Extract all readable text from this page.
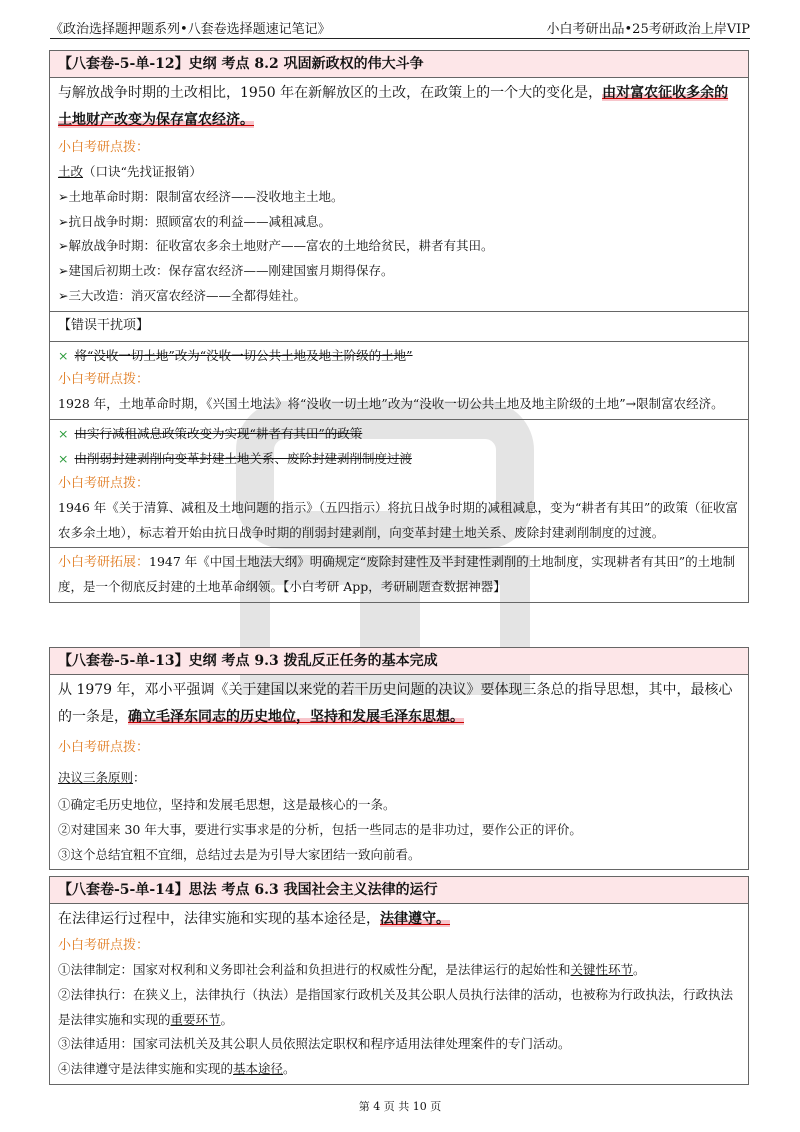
《政治选择题押题系列•八套卷选择题速记笔记》	小白考研出品•25考研政治上岸VIP
【八套卷-5-单-12】史纲 考点 8.2 巩固新政权的伟大斗争
与解放战争时期的土改相比，1950 年在新解放区的土改，在政策上的一个大的变化是，由对富农征收多余的土地财产改变为保存富农经济。
小白考研点拨：
土改（口诀“先找证报销）
➢土地革命时期：限制富农经济——没收地主土地。
➢抗日战争时期：照顾富农的利益——减租减息。
➢解放战争时期：征收富农多余土地财产——富农的土地给贫民，耕者有其田。
➢建国后初期土改：保存富农经济——刚建国蜜月期得保存。
➢三大改造：消灭富农经济——全都得娃社。
【错误干扰项】
× 将“没收一切土地”改为“没收一切公共土地及地主阶级的土地”
小白考研点拨：
1928 年，土地革命时期，《兴国土地法》将“没收一切土地”改为“没收一切公共土地及地主阶级的土地”→限制富农经济。
× 由实行减租减息政策改变为实现“耕者有其田”的政策
× 由削弱封建剥削向变革封建土地关系、废除封建剥削制度过渡
小白考研点拨：
1946 年《关于清算、减租及土地问题的指示》（五四指示）将抗日战争时期的减租减息，变为“耕者有其田”的政策（征收富农多余土地），标志着开始由抗日战争时期的削弱封建剥削，向变革封建土地关系、废除封建剥削制度的过渡。
小白考研拓展：1947 年《中国土地法大纲》明确规定“废除封建性及半封建性剥削的土地制度，实现耕者有其田”的土地制度，是一个彻底反封建的土地革命纲领。【小白考研 App，考研刷题查数据神器】
【八套卷-5-单-13】史纲 考点 9.3 拨乱反正任务的基本完成
从 1979 年，邓小平强调《关于建国以来党的若干历史问题的决议》要体现三条总的指导思想，其中，最核心的一条是，确立毛泽东同志的历史地位，坚持和发展毛泽东思想。
小白考研点拨：
决议三条原则：
①确定毛历史地位，坚持和发展毛思想，这是最核心的一条。
②对建国来 30 年大事，要进行实事求是的分析，包括一些同志的是非功过，要作公正的评价。
③这个总结宜粗不宜细，总结过去是为引导大家团结一致向前看。
【八套卷-5-单-14】思法 考点 6.3 我国社会主义法律的运行
在法律运行过程中，法律实施和实现的基本途径是，法律遵守。
小白考研点拨：
①法律制定：国家对权利和义务即社会利益和负担进行的权威性分配，是法律运行的起始性和关键性环节。
②法律执行：在狭义上，法律执行（执法）是指国家行政机关及其公职人员执行法律的活动，也被称为行政执法，行政执法是法律实施和实现的重要环节。
③法律适用：国家司法机关及其公职人员依照法定职权和程序适用法律处理案件的专门活动。
④法律遵守是法律实施和实现的基本途径。
第 4 页 共 10 页
